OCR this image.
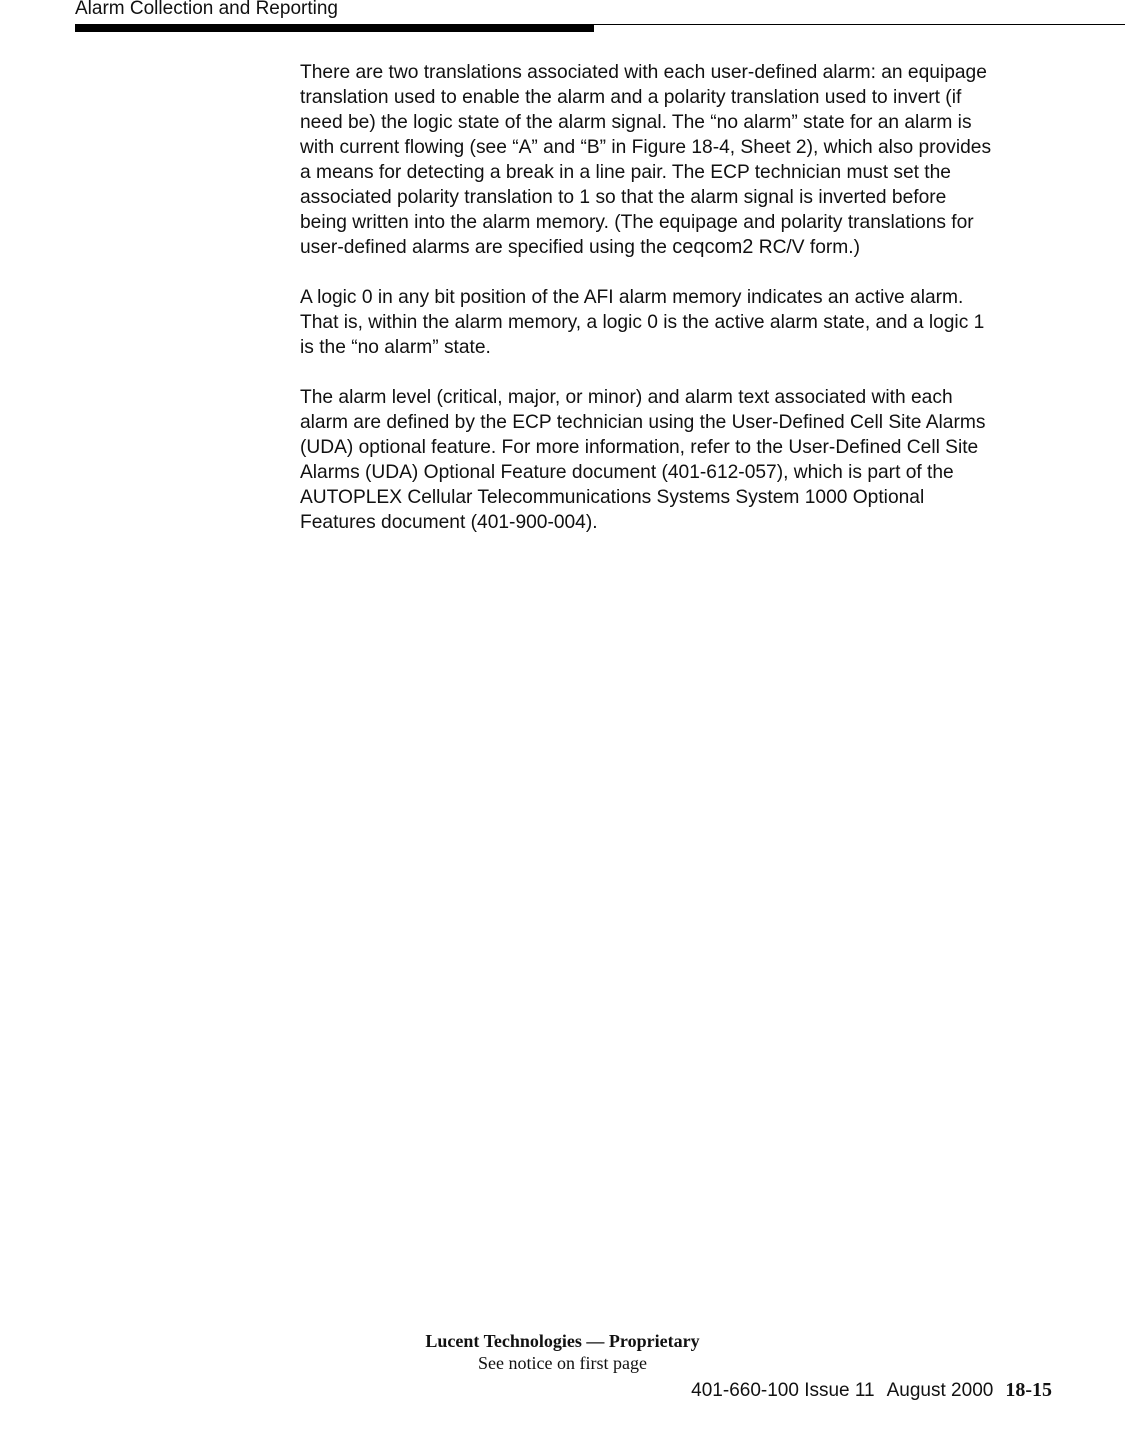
Alarm Collection and Reporting

There are two translations associated with each user-defined alarm: an equipage
translation used to enable the alarm and a polarity translation used to invert (if
need be) the logic state of the alarm signal. The “no alarm” state for an alarm is
with current flowing (see “A” and “B” in Figure 18-4, Sheet 2), which also provides
a means for detecting a break in a line pair. The ECP technician must set the
associated polarity translation to 1 so that the alarm signal is inverted before
being written into the alarm memory. (The equipage and polarity translations for
user-defined alarms are specified using the ceqcom2 RC/V form.)

A logic 0 in any bit position of the AFI alarm memory indicates an active alarm.
That is, within the alarm memory, a logic 0 is the active alarm state, and a logic 1
is the “no alarm” state.

The alarm level (critical, major, or minor) and alarm text associated with each
alarm are defined by the ECP technician using the User-Defined Cell Site Alarms
(UDA) optional feature. For more information, refer to the User-Defined Cell Site
Alarms (UDA) Optional Feature document (401-612-057), which is part of the
AUTOPLEX Cellular Telecommunications Systems System 1000 Optional
Features document (401-900-004).

Lucent Technologies — Proprietary
See notice on first page
401-660-100 Issue 11 August 2000 18-15
